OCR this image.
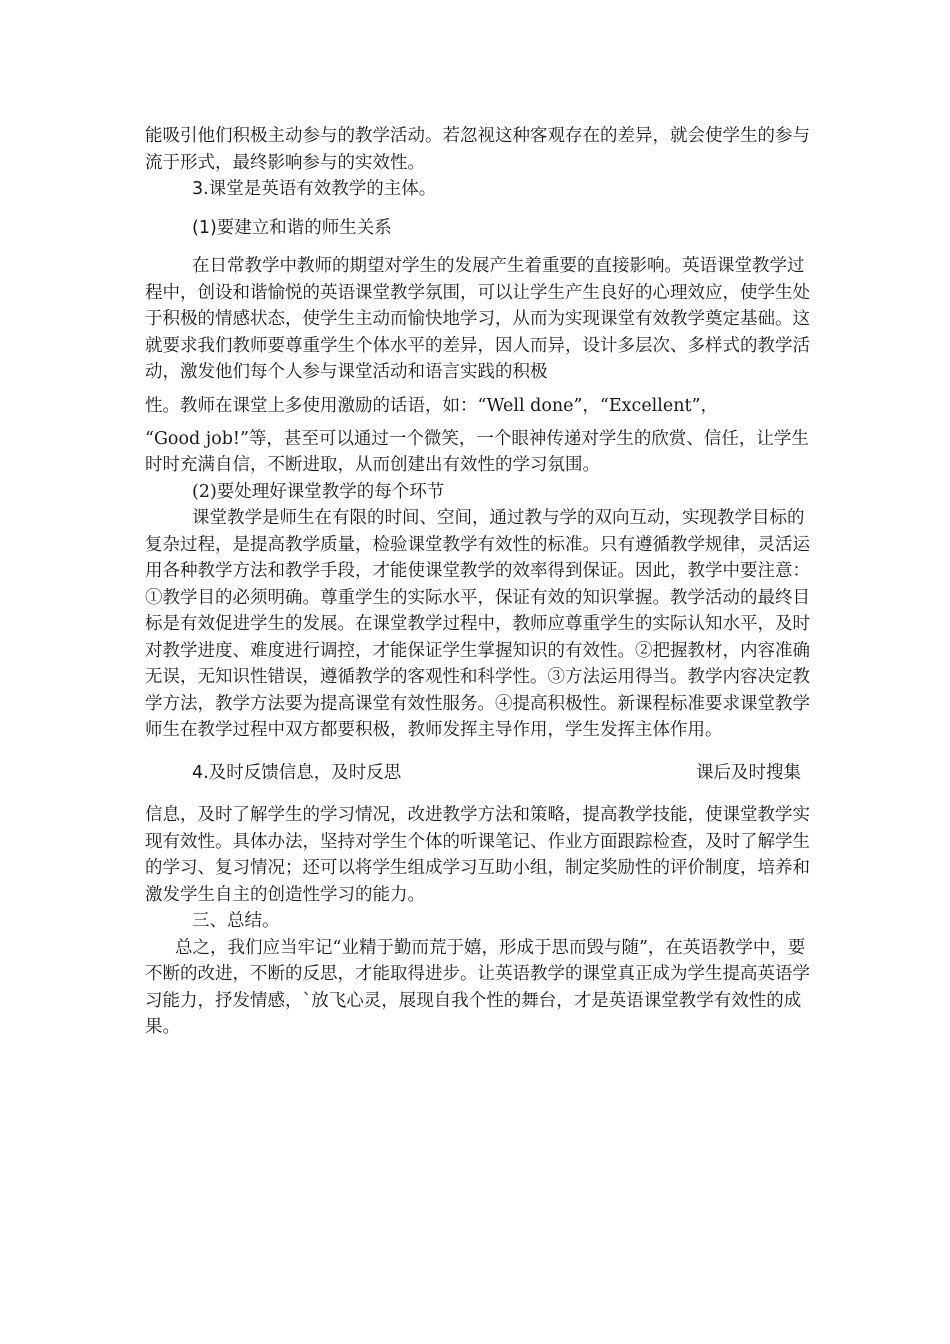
能吸引他们积极主动参与的教学活动。若忽视这种客观存在的差异，就会使学生的参与流于形式，最终影响参与的实效性。

3.课堂是英语有效教学的主体。

(1)要建立和谐的师生关系

在日常教学中教师的期望对学生的发展产生着重要的直接影响。英语课堂教学过程中，创设和谐愉悦的英语课堂教学氛围，可以让学生产生良好的心理效应，使学生处于积极的情感状态，使学生主动而愉快地学习，从而为实现课堂有效教学奠定基础。这就要求我们教师要尊重学生个体水平的差异，因人而异，设计多层次、多样式的教学活动，激发他们每个人参与课堂活动和语言实践的积极

性。教师在课堂上多使用激励的话语，如：“Well done”，“Excellent”，

“Good job!”等，甚至可以通过一个微笑，一个眼神传递对学生的欣赏、信任，让学生时时充满自信，不断进取，从而创建出有效性的学习氛围。

(2)要处理好课堂教学的每个环节

课堂教学是师生在有限的时间、空间，通过教与学的双向互动，实现教学目标的复杂过程，是提高教学质量，检验课堂教学有效性的标准。只有遵循教学规律，灵活运用各种教学方法和教学手段，才能使课堂教学的效率得到保证。因此，教学中要注意：①教学目的必须明确。尊重学生的实际水平，保证有效的知识掌握。教学活动的最终目标是有效促进学生的发展。在课堂教学过程中，教师应尊重学生的实际认知水平，及时对教学进度、难度进行调控，才能保证学生掌握知识的有效性。②把握教材，内容准确无误，无知识性错误，遵循教学的客观性和科学性。③方法运用得当。教学内容决定教学方法，教学方法要为提高课堂有效性服务。④提高积极性。新课程标准要求课堂教学师生在教学过程中双方都要积极，教师发挥主导作用，学生发挥主体作用。

4.及时反馈信息，及时反思	课后及时搜集

信息，及时了解学生的学习情况，改进教学方法和策略，提高教学技能，使课堂教学实现有效性。具体办法，坚持对学生个体的听课笔记、作业方面跟踪检查，及时了解学生的学习、复习情况；还可以将学生组成学习互助小组，制定奖励性的评价制度，培养和激发学生自主的创造性学习的能力。

三、总结。

总之，我们应当牢记“业精于勤而荒于嬉，形成于思而毁与随”，在英语教学中，要不断的改进，不断的反思，才能取得进步。让英语教学的课堂真正成为学生提高英语学习能力，抒发情感，`放飞心灵，展现自我个性的舞台，才是英语课堂教学有效性的成果。
